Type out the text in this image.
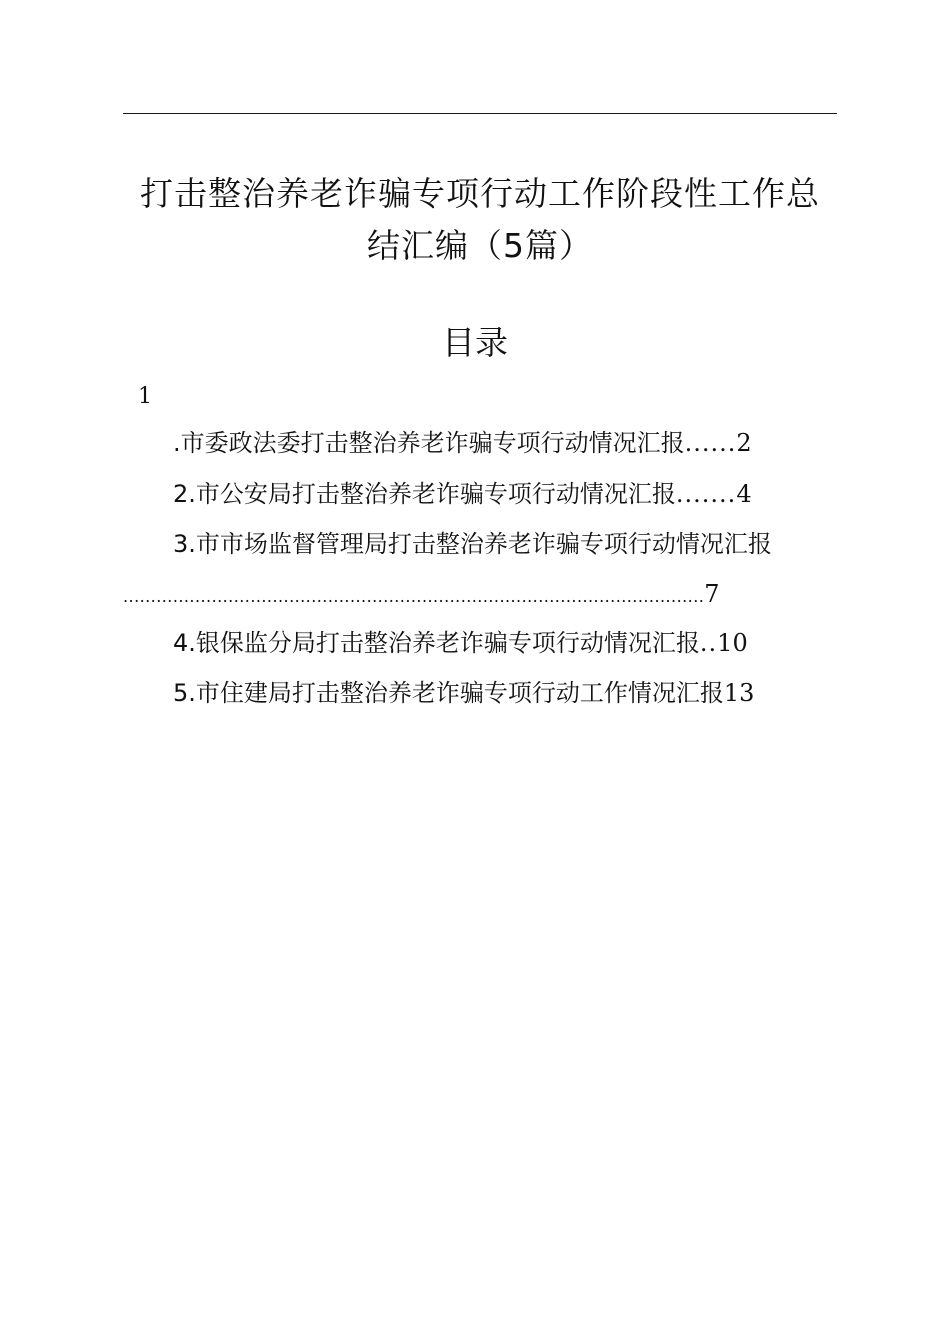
打击整治养老诈骗专项行动工作阶段性工作总
结汇编（5篇）
目录
1
.市委政法委打击整治养老诈骗专项行动情况汇报......2
2.市公安局打击整治养老诈骗专项行动情况汇报.......4
3.市市场监督管理局打击整治养老诈骗专项行动情况汇报
.........................................................................................................7
4.银保监分局打击整治养老诈骗专项行动情况汇报..10
5.市住建局打击整治养老诈骗专项行动工作情况汇报13
